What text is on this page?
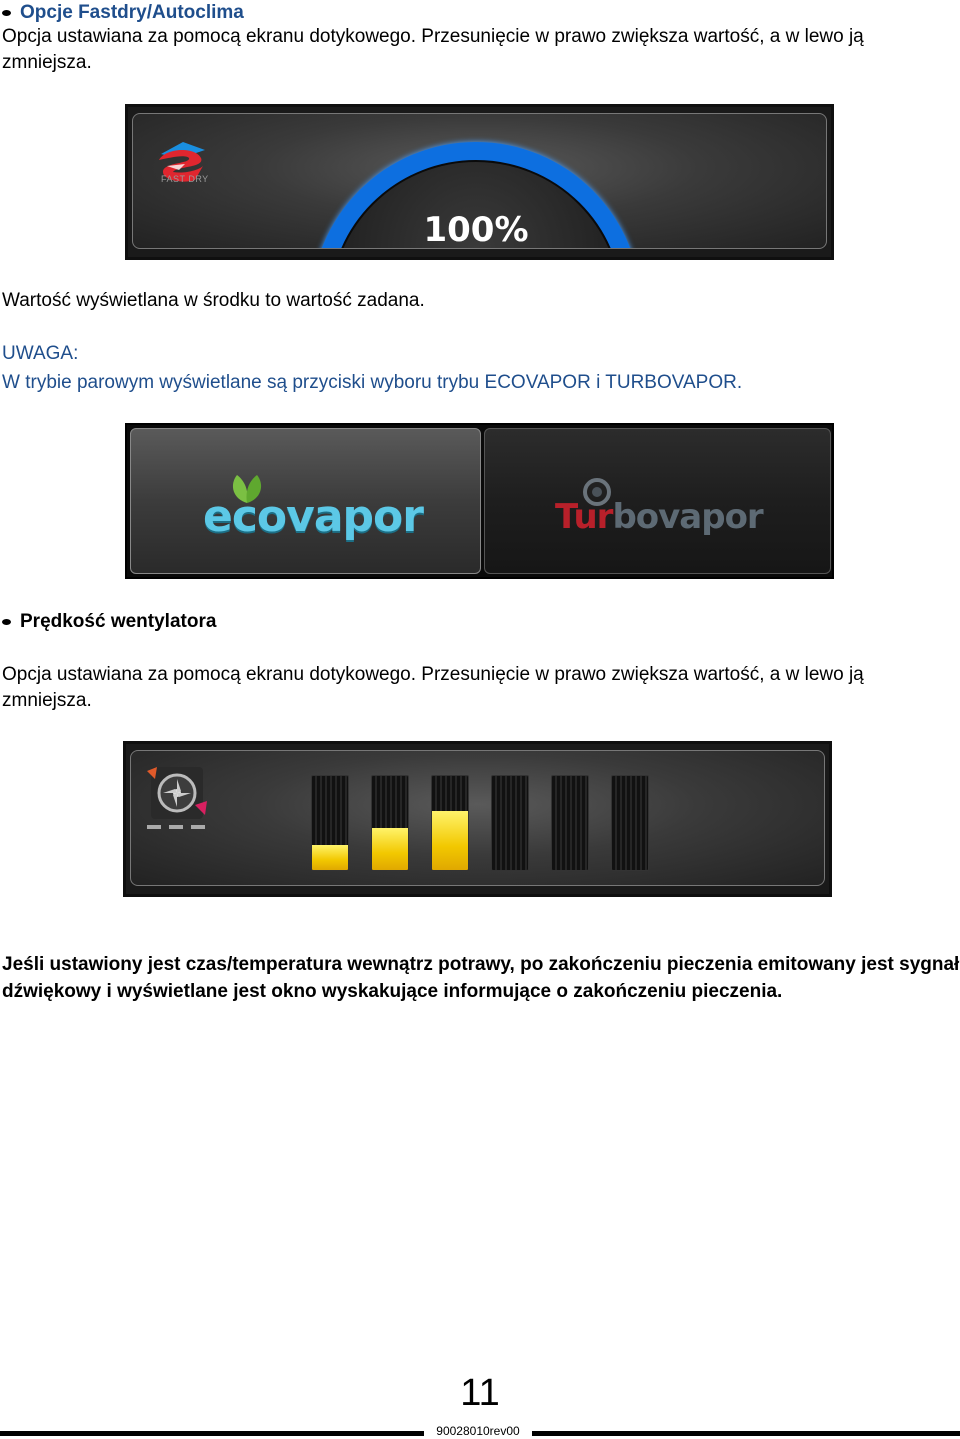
Opcje Fastdry/Autoclima
Opcja ustawiana za pomocą ekranu dotykowego. Przesunięcie w prawo zwiększa wartość, a w lewo ją
zmniejsza.
FAST DRY
100%
Wartość wyświetlana w środku to wartość zadana.
UWAGA:
W trybie parowym wyświetlane są przyciski wyboru trybu ECOVAPOR i TURBOVAPOR.
ecovapor	Turbovapor
Prędkość wentylatora
Opcja ustawiana za pomocą ekranu dotykowego. Przesunięcie w prawo zwiększa wartość, a w lewo ją
zmniejsza.
Jeśli ustawiony jest czas/temperatura wewnątrz potrawy, po zakończeniu pieczenia emitowany jest sygnał
dźwiękowy i wyświetlane jest okno wyskakujące informujące o zakończeniu pieczenia.
11
90028010rev00
